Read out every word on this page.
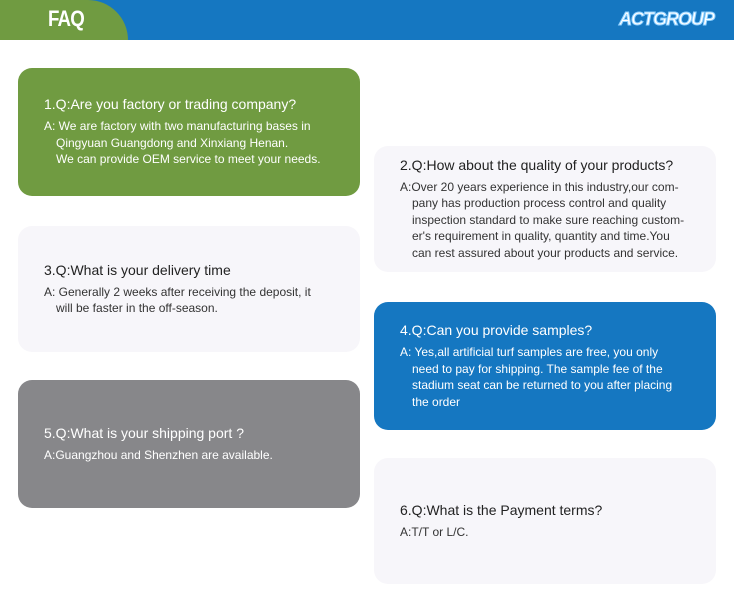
FAQ	ACTGROUP
1.Q:Are you factory or trading company?
A: We are factory with two manufacturing bases in
Qingyuan Guangdong and Xinxiang Henan.
We can provide OEM service to meet your needs.	2.Q:How about the quality of your products?
A:Over 20 years experience in this industry,our com-
pany has production process control and quality
inspection standard to make sure reaching custom-
er's requirement in quality, quantity and time.You
can rest assured about your products and service.
3.Q:What is your delivery time
A: Generally 2 weeks after receiving the deposit, it
will be faster in the off-season.
4.Q:Can you provide samples?
A: Yes,all artificial turf samples are free, you only
need to pay for shipping. The sample fee of the
stadium seat can be returned to you after placing
the order
5.Q:What is your shipping port ?
A:Guangzhou and Shenzhen are available.
6.Q:What is the Payment terms?
A:T/T or L/C.
